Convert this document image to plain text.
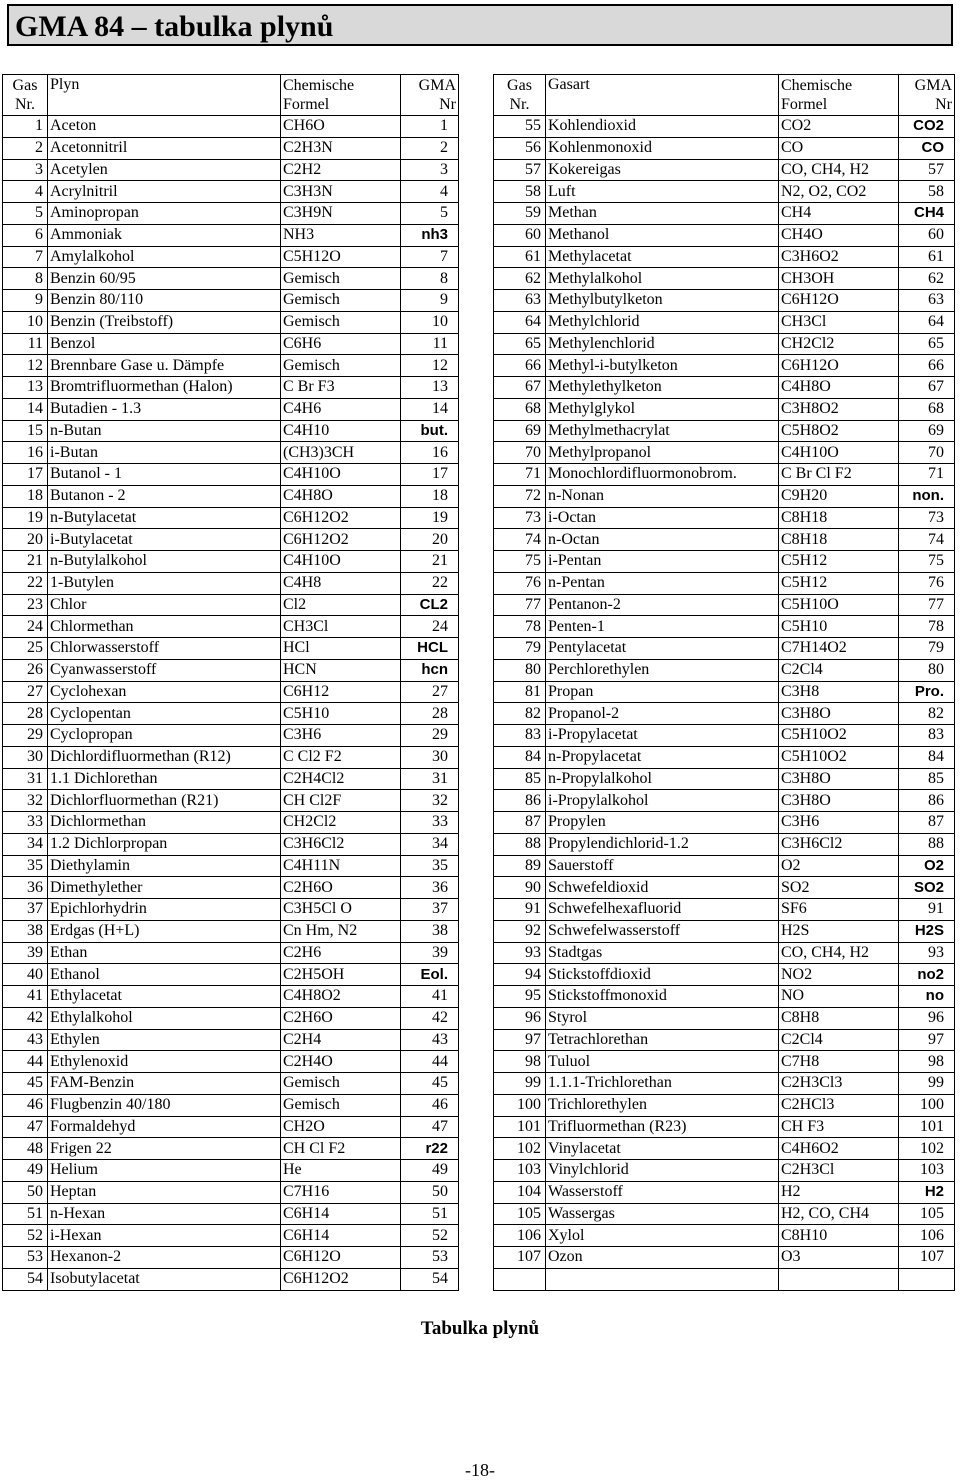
GMA 84 – tabulka plynů
Gas Nr.	Plyn	Chemische Formel	GMA Nr
1	Aceton	CH6O	1
2	Acetonnitril	C2H3N	2
3	Acetylen	C2H2	3
4	Acrylnitril	C3H3N	4
5	Aminopropan	C3H9N	5
6	Ammoniak	NH3	nh3
7	Amylalkohol	C5H12O	7
8	Benzin 60/95	Gemisch	8
9	Benzin 80/110	Gemisch	9
10	Benzin (Treibstoff)	Gemisch	10
11	Benzol	C6H6	11
12	Brennbare Gase u. Dämpfe	Gemisch	12
13	Bromtrifluormethan (Halon)	C Br F3	13
14	Butadien - 1.3	C4H6	14
15	n-Butan	C4H10	but.
16	i-Butan	(CH3)3CH	16
17	Butanol - 1	C4H10O	17
18	Butanon - 2	C4H8O	18
19	n-Butylacetat	C6H12O2	19
20	i-Butylacetat	C6H12O2	20
21	n-Butylalkohol	C4H10O	21
22	1-Butylen	C4H8	22
23	Chlor	Cl2	CL2
24	Chlormethan	CH3Cl	24
25	Chlorwasserstoff	HCl	HCL
26	Cyanwasserstoff	HCN	hcn
27	Cyclohexan	C6H12	27
28	Cyclopentan	C5H10	28
29	Cyclopropan	C3H6	29
30	Dichlordifluormethan (R12)	C Cl2 F2	30
31	1.1 Dichlorethan	C2H4Cl2	31
32	Dichlorfluormethan (R21)	CH Cl2F	32
33	Dichlormethan	CH2Cl2	33
34	1.2 Dichlorpropan	C3H6Cl2	34
35	Diethylamin	C4H11N	35
36	Dimethylether	C2H6O	36
37	Epichlorhydrin	C3H5Cl O	37
38	Erdgas (H+L)	Cn Hm, N2	38
39	Ethan	C2H6	39
40	Ethanol	C2H5OH	Eol.
41	Ethylacetat	C4H8O2	41
42	Ethylalkohol	C2H6O	42
43	Ethylen	C2H4	43
44	Ethylenoxid	C2H4O	44
45	FAM-Benzin	Gemisch	45
46	Flugbenzin 40/180	Gemisch	46
47	Formaldehyd	CH2O	47
48	Frigen 22	CH Cl F2	r22
49	Helium	He	49
50	Heptan	C7H16	50
51	n-Hexan	C6H14	51
52	i-Hexan	C6H14	52
53	Hexanon-2	C6H12O	53
54	Isobutylacetat	C6H12O2	54
Gas Nr.	Gasart	Chemische Formel	GMA Nr
55	Kohlendioxid	CO2	CO2
56	Kohlenmonoxid	CO	CO
57	Kokereigas	CO, CH4, H2	57
58	Luft	N2, O2, CO2	58
59	Methan	CH4	CH4
60	Methanol	CH4O	60
61	Methylacetat	C3H6O2	61
62	Methylalkohol	CH3OH	62
63	Methylbutylketon	C6H12O	63
64	Methylchlorid	CH3Cl	64
65	Methylenchlorid	CH2Cl2	65
66	Methyl-i-butylketon	C6H12O	66
67	Methylethylketon	C4H8O	67
68	Methylglykol	C3H8O2	68
69	Methylmethacrylat	C5H8O2	69
70	Methylpropanol	C4H10O	70
71	Monochlordifluormonobrom.	C Br Cl F2	71
72	n-Nonan	C9H20	non.
73	i-Octan	C8H18	73
74	n-Octan	C8H18	74
75	i-Pentan	C5H12	75
76	n-Pentan	C5H12	76
77	Pentanon-2	C5H10O	77
78	Penten-1	C5H10	78
79	Pentylacetat	C7H14O2	79
80	Perchlorethylen	C2Cl4	80
81	Propan	C3H8	Pro.
82	Propanol-2	C3H8O	82
83	i-Propylacetat	C5H10O2	83
84	n-Propylacetat	C5H10O2	84
85	n-Propylalkohol	C3H8O	85
86	i-Propylalkohol	C3H8O	86
87	Propylen	C3H6	87
88	Propylendichlorid-1.2	C3H6Cl2	88
89	Sauerstoff	O2	O2
90	Schwefeldioxid	SO2	SO2
91	Schwefelhexafluorid	SF6	91
92	Schwefelwasserstoff	H2S	H2S
93	Stadtgas	CO, CH4, H2	93
94	Stickstoffdioxid	NO2	no2
95	Stickstoffmonoxid	NO	no
96	Styrol	C8H8	96
97	Tetrachlorethan	C2Cl4	97
98	Tuluol	C7H8	98
99	1.1.1-Trichlorethan	C2H3Cl3	99
100	Trichlorethylen	C2HCl3	100
101	Trifluormethan (R23)	CH F3	101
102	Vinylacetat	C4H6O2	102
103	Vinylchlorid	C2H3Cl	103
104	Wasserstoff	H2	H2
105	Wassergas	H2, CO, CH4	105
106	Xylol	C8H10	106
107	Ozon	O3	107

Tabulka plynů
-18-
